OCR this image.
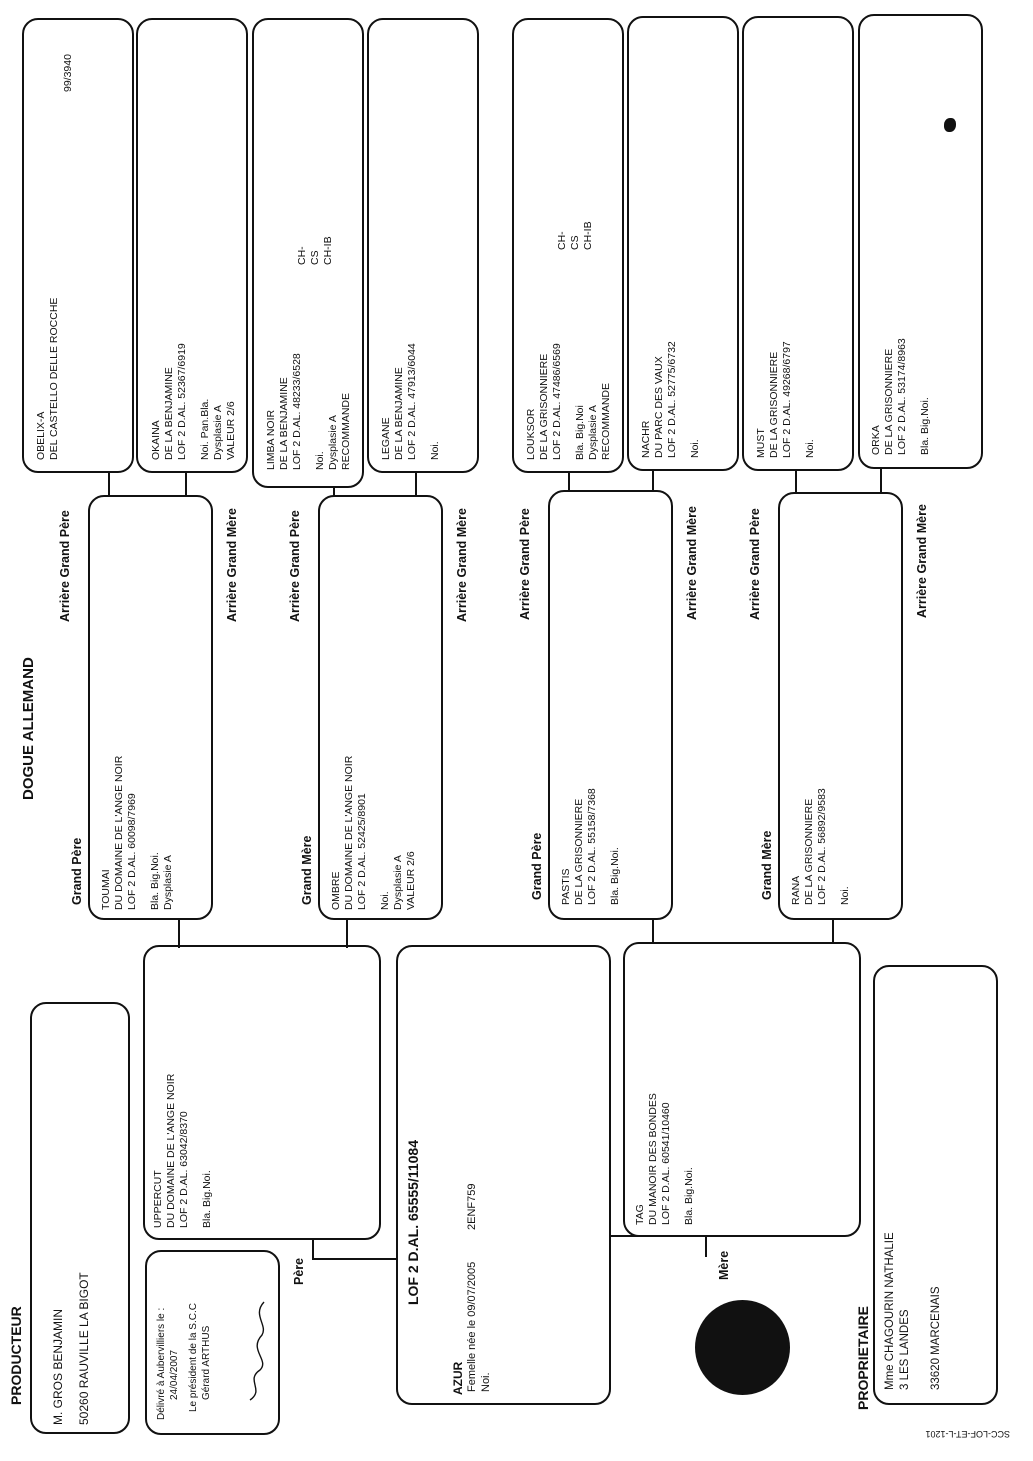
DOGUE ALLEMAND
PRODUCTEUR M. GROS BENJAMIN 50260 RAUVILLE LA BIGOT	Délivré à Aubervilliers le : 24/04/2007 Le président de la S.C.C Gérard ARTHUS
Père
UPPERCUT DU DOMAINE DE L'ANGE NOIR LOF 2 D.AL. 63042/8370 Bla. Big.Noi.	LOF 2 D.AL. 65555/11084
Femelle née le 09/07/2005
2ENF759
AZUR Noi.
Mère
TAG DU MANOIR DES BONDES LOF 2 D.AL. 60541/10460 Bla. Big.Noi.
Mme CHAGOURIN NATHALIE 3 LES LANDES 33620 MARCENAIS
PROPRIETAIRE
SCC-LOF-ET-L-1201
TOUMAI DU DOMAINE DE L'ANGE NOIR LOF 2 D.AL. 60098/7969 Bla. Big.Noi. Dysplasie A
Grand Père	OMBRE DU DOMAINE DE L'ANGE NOIR LOF 2 D.AL. 52425/8901 Noi. Dysplasie A VALEUR 2/6
Grand Mère	PASTIS DE LA GRISONNIERE LOF 2 D.AL. 55158/7368 Bla. Big.Noi.
Grand Père	RANA DE LA GRISONNIERE LOF 2 D.AL. 56892/9583 Noi.
Grand Mère
Arrière Grand Père	Arrière Grand Mère	Arrière Grand Père	Arrière Grand Mère	Arrière Grand Père	Arrière Grand Mère	Arrière Grand Père	Arrière Grand Mère
OBELIX-A DEL CASTELLO DELLE ROCCHE
99/3940
OKAINA DE LA BENJAMINE LOF 2 D.AL. 52367/6919 Noi. Pan.Bla. Dysplasie A VALEUR 2/6	LIMBA NOIR DE LA BENJAMINE LOF 2 D.AL. 48233/6528 Noi. Dysplasie A RECOMMANDE
CH-CS CH-IB
LEGANE DE LA BENJAMINE LOF 2 D.AL. 47913/6044 Noi.	LOUKSOR DE LA GRISONNIERE LOF 2 D.AL. 47486/6569 Bla. Big.Noi Dysplasie A RECOMMANDE
CH-CS CH-IB
NACHR DU PARC DES VAUX LOF 2 D.AL. 52775/6732 Noi.	MUST DE LA GRISONNIERE LOF 2 D.AL. 49268/6797 Noi.	ORKA DE LA GRISONNIERE LOF 2 D.AL. 53174/8963 Bla. Big.Noi.
